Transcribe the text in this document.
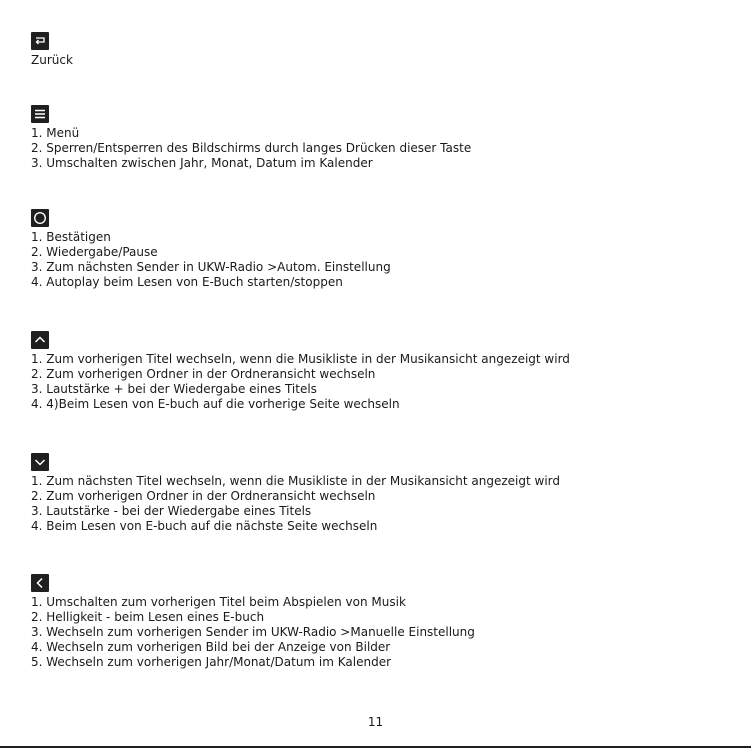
Zurück
1. Menü
2. Sperren/Entsperren des Bildschirms durch langes Drücken dieser Taste
3. Umschalten zwischen Jahr, Monat, Datum im Kalender
1. Bestätigen
2. Wiedergabe/Pause
3. Zum nächsten Sender in UKW-Radio >Autom. Einstellung
4. Autoplay beim Lesen von E-Buch starten/stoppen
1. Zum vorherigen Titel wechseln, wenn die Musikliste in der Musikansicht angezeigt wird
2. Zum vorherigen Ordner in der Ordneransicht wechseln
3. Lautstärke + bei der Wiedergabe eines Titels
4. 4)Beim Lesen von E-buch auf die vorherige Seite wechseln
1. Zum nächsten Titel wechseln, wenn die Musikliste in der Musikansicht angezeigt wird
2. Zum vorherigen Ordner in der Ordneransicht wechseln
3. Lautstärke - bei der Wiedergabe eines Titels
4. Beim Lesen von E-buch auf die nächste Seite wechseln
1. Umschalten zum vorherigen Titel beim Abspielen von Musik
2. Helligkeit - beim Lesen eines E-buch
3. Wechseln zum vorherigen Sender im UKW-Radio >Manuelle Einstellung
4. Wechseln zum vorherigen Bild bei der Anzeige von Bilder
5. Wechseln zum vorherigen Jahr/Monat/Datum im Kalender
11
